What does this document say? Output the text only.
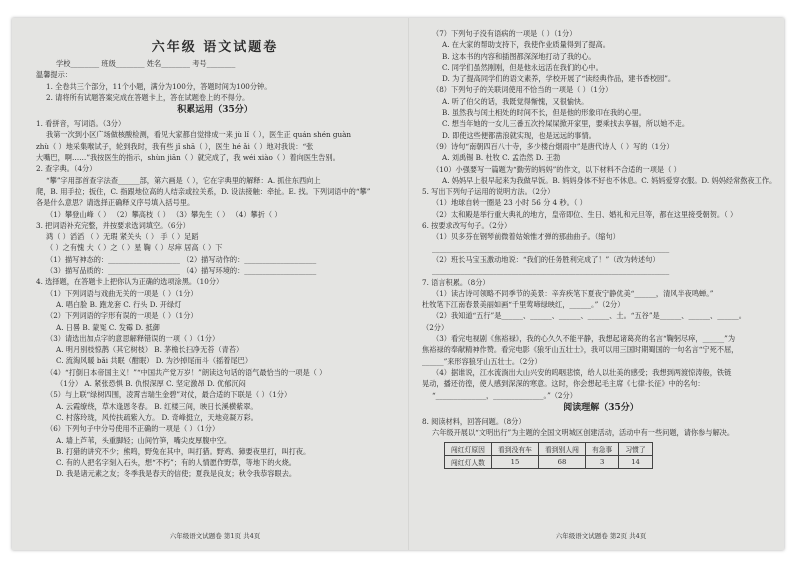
六年级 语文试题卷
学校________ 班级________ 姓名________ 考号________
温馨提示：
1. 全卷共三个部分，11个小题，满分为100分，答题时间为100分钟。
2. 请将所有试题答案完成在答题卡上，答在试题卷上的不得分。
积累运用（35分）
1. 看拼音，写词语。（3分）
我第一次到小区广场做核酸检测，看见大家都自觉排成一来 jù lǐ（ ），医生正 quán shén guàn
zhù（ ）地采集喉试子，轮到我时，我有些 jǐ shā（ ），医生 hé ǎi（ ）地对我说：“张
大嘴巴，啊……”我按医生的指示，shùn jiān（ ）就完成了，我 wéi xiào（ ）着向医生告别。
2. 查字典。（4分）
“攀”字用部首查字法查______部，第六画是（ ），它在字典里的解释：A. 抓住东西向上
爬，B. 用手拉；扳住，C. 指跟地位高的人结亲或拉关系，D. 设法接触：牵扯。E. 找。下列词语中的“攀”
各是什么意思？请选择正确释义序号填入括号里。
（1）攀登山峰（ ） （2）攀高枝（ ） （3）攀先生（ ） （4）攀折（ ）
3. 把词语补充完整，并按要求选词填空。（6分）
鸿（ ）滔滔 （ ）无瑕 紧关头（ ） 手（ ）足蹈
（ ）之有愧 大（ ）之（ ）星 鞠（ ）尽瘁 居高（ ）下
（1）描写神态的：____________________ （2）描写动作的：____________________
（3）描写品质的：____________________ （4）描写环境的：____________________
4. 选择题，在答题卡上把你认为正确的选项涂黑。（10分）
（1）下列词语与戏曲无关的一项是（ ）（1分）
A. 唱白脸 B. 跑龙套 C. 行头 D. 开绿灯
（2）下列词语的字形有误的一项是（ ）（1分）
A. 日晷 B. 蒙冤 C. 发霉 D. 抵御
（3）请选出加点字的意思解释错误的一项（ ）（1分）
A. 明月别枝惊鹊（其它树枝） B. 茅檐长扫净无苔（青苔）
C. 流淘风暖 bǎi 共眠（酣眠） D. 为沙掉尾而斗（摇着尾巴）
（4）“打倒日本帝国主义！”“中国共产党万岁！”朗读这句话的语气最恰当的一项是（ ）
（1分） A. 紧张恐惧 B. 仇恨深厚 C. 坚定激昂 D. 优郁沉闷
（5）与上联“绿树四围，凌霄吉瑞生金碧”对仗，最合适的下联是（ ）（1分）
A. 云霞缭绕，草木逢恩冬春。 B. 红楼三间，映日长溪横紫翠。
C. 村落玲珑，风传扶疏紫入方。 D. 奇峰挺立，天地竞凝万彩。
（6）下列句子中分号使用不正确的一项是（ ）（1分）
A. 墙上芦苇，头重脚轻；山间竹笋，嘴尖皮厚腹中空。
B. 打猎的讲究不少；熊鸣，野兔在其中，叫打猎。野鸡、獐要夜里打，叫打夜。
C. 有的人把名字刻入石头，想“不朽”；有的人情愿作野草，等地下的火烧。
D. 我是诸元素之友；冬季我是春天的信使；夏我是良友；秋令我恭容眼去。
六年级语文试题卷 第1页 共4页
（7）下列句子没有语病的一项是（ ）（1分）
A. 在大家的帮助支持下，我使作业质量得到了提高。
B. 这本书的内容和插图都深深地打动了我的心。
C. 同学们虽然刚刚，但是他永远活在我们的心中。
D. 为了提高同学们的语文素养，学校开展了“读经典作品，建书香校园”。
（8）下列句子的关联词使用不恰当的一项是（ ）（1分）
A. 听了伯父的话，我既觉得惭愧，又很愉快。
B. 虽然我与闰土相处的时间不长，但是他的形象印在我的心里。
C. 想当年她的一女儿三番五次拎屎屎掀开家里，要乘找去享福，所以她不走。
D. 即使这些便都凿浪就实现，也是远远的事情。
（9）诗句“南朝四百八十寺，多少楼台烟雨中”是唐代诗人（ ）写的（1分）
A. 刘禹锡 B. 杜牧 C. 孟浩然 D. 王勃
（10）小强要写一篇题为“勤劳的妈妈”的作文，以下材料不合适的一项是（ ）
A. 妈妈早上很早起来为我做早饭。B. 妈妈身体不好也不休息。C. 妈妈爱穿衣服。D. 妈妈经常熬夜工作。
5. 写出下列句子运用的说明方法。（2分）
（1）地球自转一圈是 23 小时 56 分 4 秒。（ ）
（2）太和殿是举行重大典礼的地方，皇帝即位、生日、婚礼和元旦等，都在这里接受朝贺。（ ）
6. 按要求改写句子。（2分）
（1）贝多芬在钢琴前微着姑娘惟才弹的那曲曲子。（缩句）
__________________________________________________________________
（2）班长马宝玉激动地说：“我们的任务胜利完成了！”（改为转述句）
__________________________________________________________________
7. 语言积累。（8分）
（1）读古诗可领略不同季节的美景：辛弃疾笔下夏夜宁静优美“______，清风半夜鸣蝉。”
杜牧笔下江南春景美丽如画“千里莺啼绿映红，______。”（2分）
（2）我知道“五行”是______、______、______、______、土。“五谷”是______、______、______。
（2分）
（3）看完电视剧《焦裕禄》，我的心久久不能平静，我想起诸葛亮的名言“鞠躬尽瘁，______”为
焦裕禄的奉献精神作赞。看完电影《狼牙山五壮士》，我可以用三国时期蜀国的一句名言“宁死不屈，
______”来形容狼牙山五壮士。（2分）
（4）据谁说，江水流淌出大山兴安的呜咽悲愤，给人以壮美的感受；我想到两渡惊涛般，铁链
晃动，播还彷徨，使人感到深深的寒意。这时，你会想起毛主席《七律·长征》中的名句：
“______________，______________。”（2分）
阅读理解（35分）
8. 阅读材料，回答问题。（8分）
六年级开展以“文明出行”为主题的全国文明城区创建活动，活动中有一些问题，请你参与解决。
闯红灯原因	看到没有车	看到别人闯	有急事	习惯了
闯红灯人数	15	68	3	14
六年级语文试题卷 第2页 共4页
